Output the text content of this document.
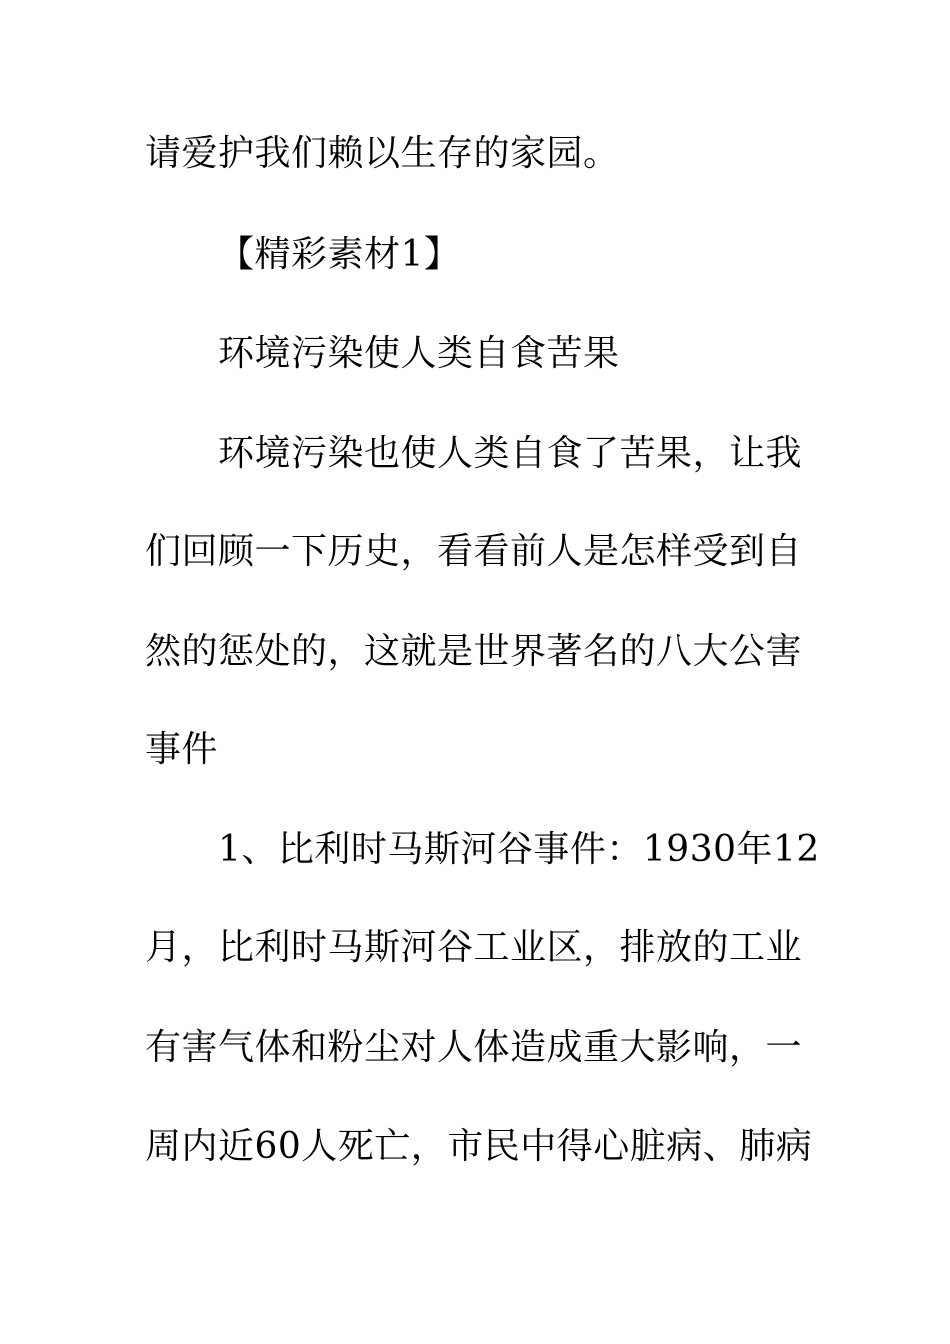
请爱护我们赖以生存的家园。
【精彩素材1】
环境污染使人类自食苦果
环境污染也使人类自食了苦果，让我
们回顾一下历史，看看前人是怎样受到自
然的惩处的，这就是世界著名的八大公害
事件
1、比利时马斯河谷事件：1930年12
月，比利时马斯河谷工业区，排放的工业
有害气体和粉尘对人体造成重大影响，一
周内近60人死亡，市民中得心脏病、肺病
